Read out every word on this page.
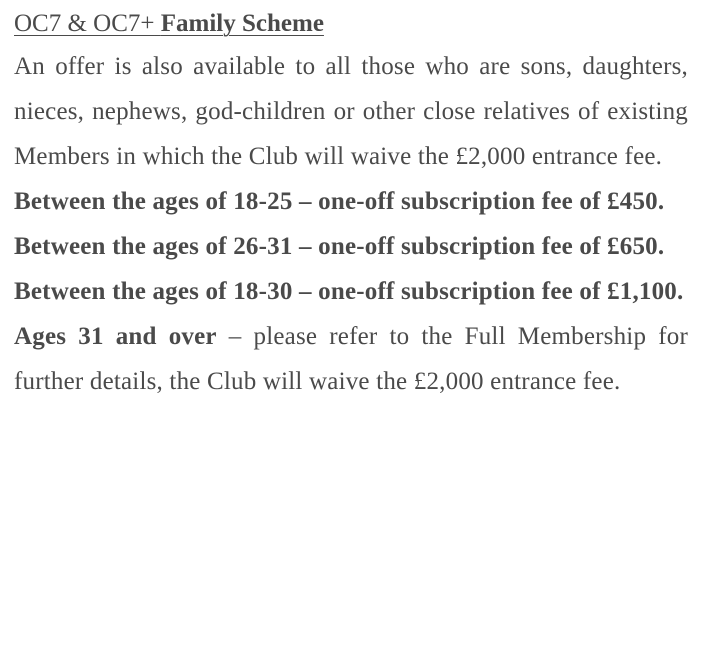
OC7 & OC7+ Family Scheme

An offer is also available to all those who are sons, daughters, nieces, nephews, god-children or other close relatives of existing Members in which the Club will waive the £2,000 entrance fee.

Between the ages of 18-25 – one-off subscription fee of £450.

Between the ages of 26-31 – one-off subscription fee of £650.

Between the ages of 18-30 – one-off subscription fee of £1,100.

Ages 31 and over – please refer to the Full Membership for further details, the Club will waive the £2,000 entrance fee.
